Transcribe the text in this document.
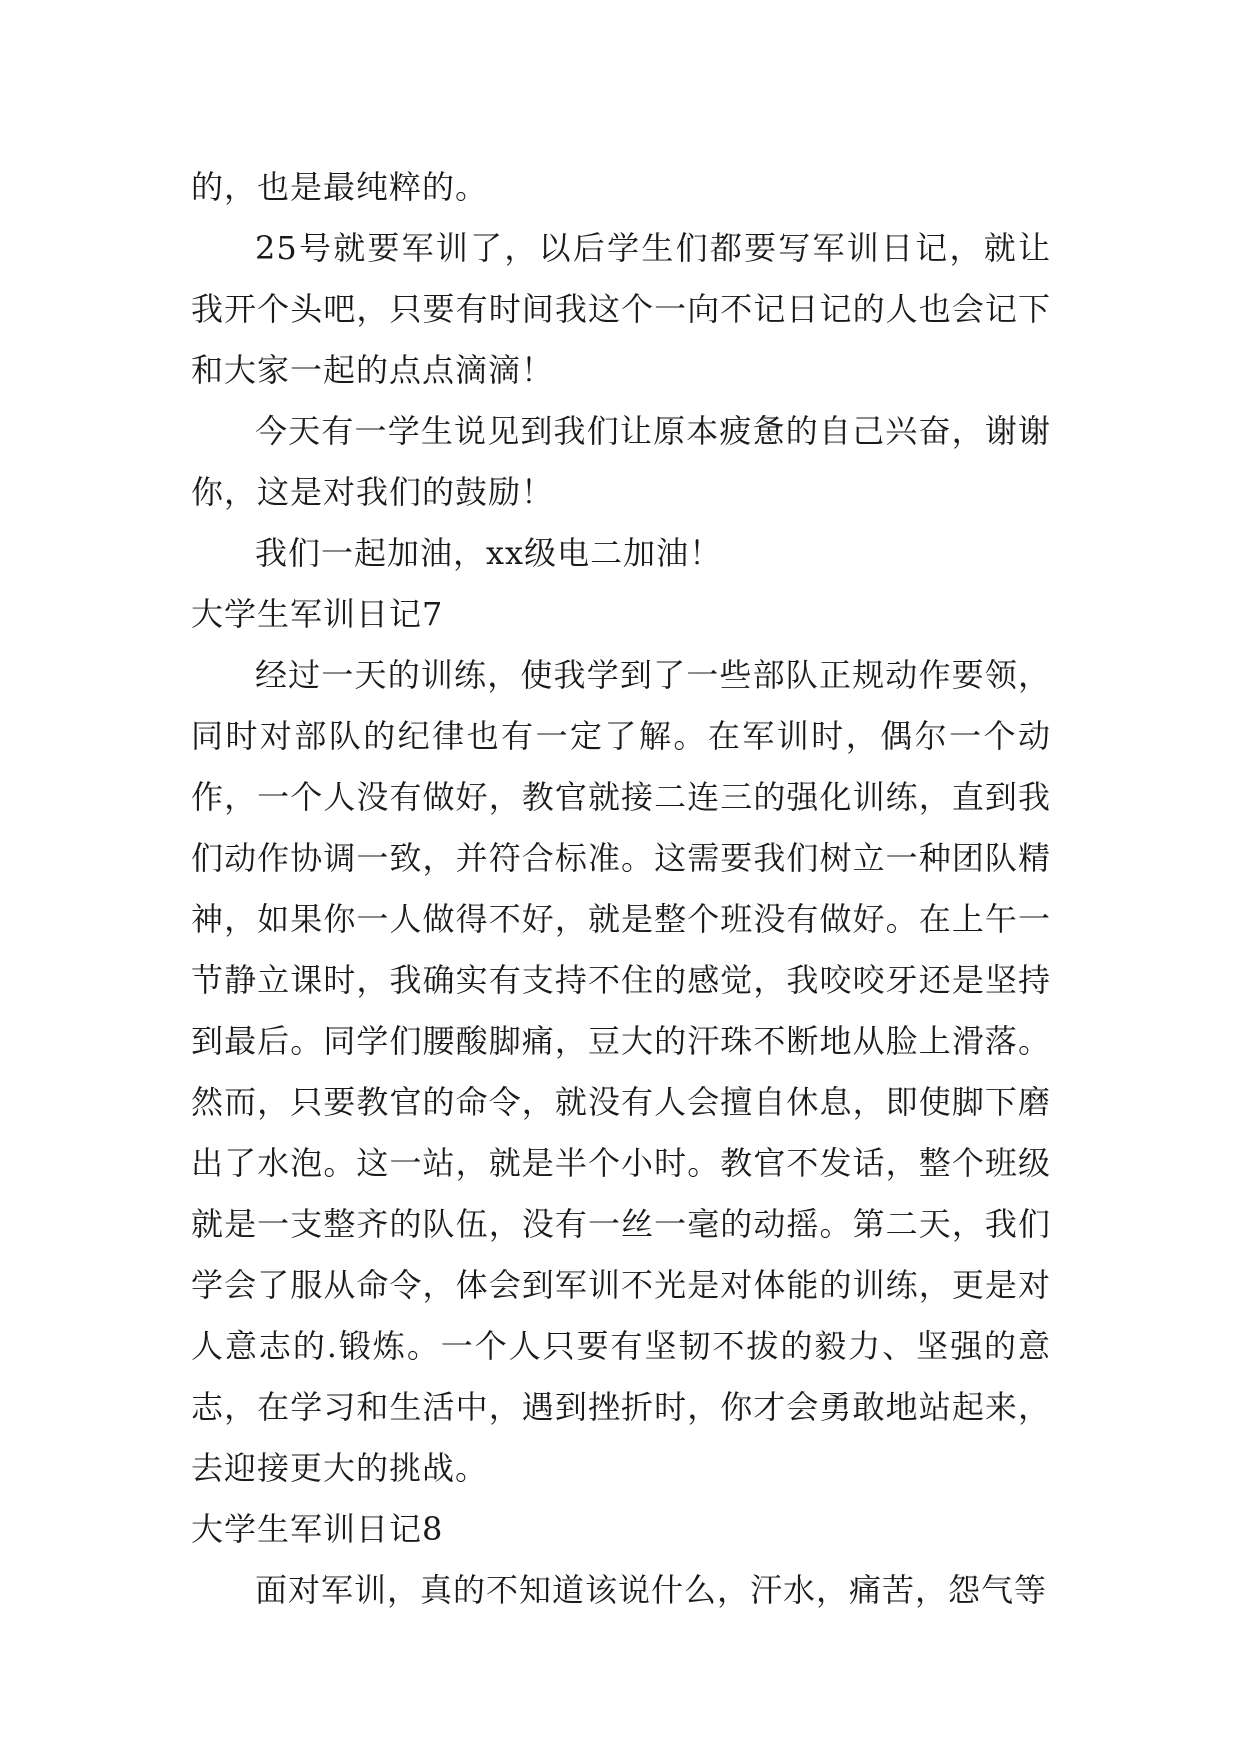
的，也是最纯粹的。

25号就要军训了，以后学生们都要写军训日记，就让我开个头吧，只要有时间我这个一向不记日记的人也会记下和大家一起的点点滴滴！

今天有一学生说见到我们让原本疲惫的自己兴奋，谢谢你，这是对我们的鼓励！

我们一起加油，xx级电二加油！

大学生军训日记7

经过一天的训练，使我学到了一些部队正规动作要领，同时对部队的纪律也有一定了解。在军训时，偶尔一个动作，一个人没有做好，教官就接二连三的强化训练，直到我们动作协调一致，并符合标准。这需要我们树立一种团队精神，如果你一人做得不好，就是整个班没有做好。在上午一节静立课时，我确实有支持不住的感觉，我咬咬牙还是坚持到最后。同学们腰酸脚痛，豆大的汗珠不断地从脸上滑落。然而，只要教官的命令，就没有人会擅自休息，即使脚下磨出了水泡。这一站，就是半个小时。教官不发话，整个班级就是一支整齐的队伍，没有一丝一毫的动摇。第二天，我们学会了服从命令，体会到军训不光是对体能的训练，更是对人意志的.锻炼。一个人只要有坚韧不拔的毅力、坚强的意志，在学习和生活中，遇到挫折时，你才会勇敢地站起来，去迎接更大的挑战。

大学生军训日记8

面对军训，真的不知道该说什么，汗水，痛苦，怨气等
